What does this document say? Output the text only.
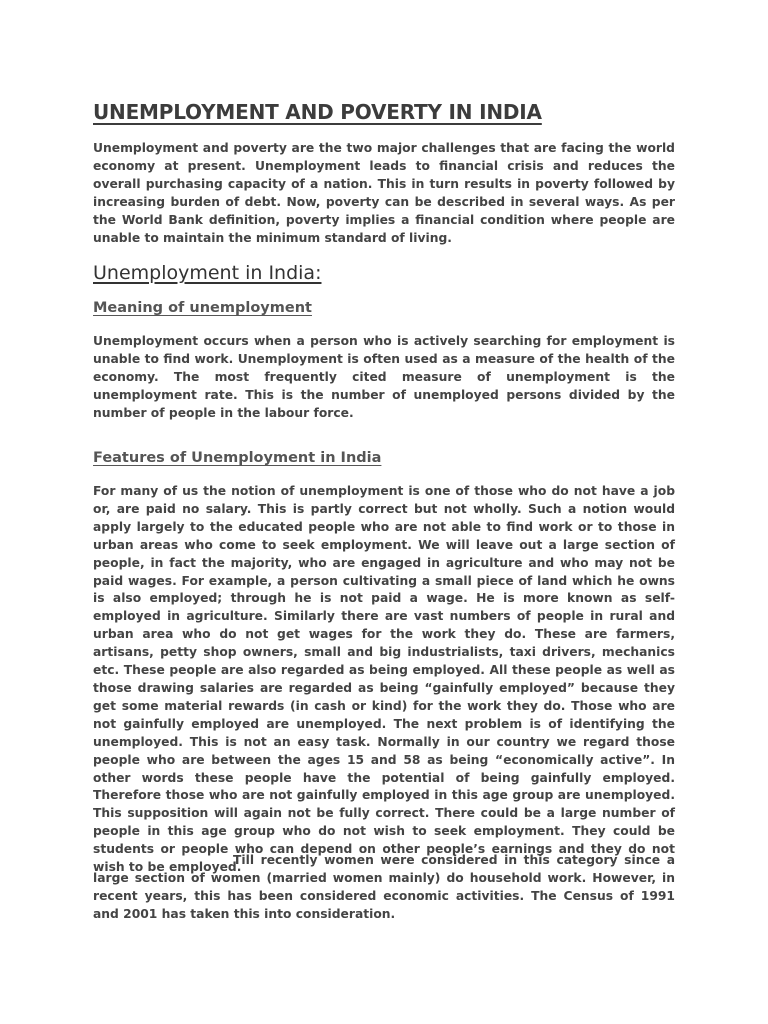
UNEMPLOYMENT AND POVERTY IN INDIA

Unemployment and poverty are the two major challenges that are facing the world economy at present. Unemployment leads to financial crisis and reduces the overall purchasing capacity of a nation. This in turn results in poverty followed by increasing burden of debt. Now, poverty can be described in several ways. As per the World Bank definition, poverty implies a financial condition where people are unable to maintain the minimum standard of living.

Unemployment in India:
Meaning of unemployment

Unemployment occurs when a person who is actively searching for employment is unable to find work. Unemployment is often used as a measure of the health of the economy. The most frequently cited measure of unemployment is the unemployment rate. This is the number of unemployed persons divided by the number of people in the labour force.

Features of Unemployment in India

For many of us the notion of unemployment is one of those who do not have a job or, are paid no salary. This is partly correct but not wholly. Such a notion would apply largely to the educated people who are not able to find work or to those in urban areas who come to seek employment. We will leave out a large section of people, in fact the majority, who are engaged in agriculture and who may not be paid wages. For example, a person cultivating a small piece of land which he owns is also employed; through he is not paid a wage. He is more known as self-employed in agriculture. Similarly there are vast numbers of people in rural and urban area who do not get wages for the work they do. These are farmers, artisans, petty shop owners, small and big industrialists, taxi drivers, mechanics etc. These people are also regarded as being employed. All these people as well as those drawing salaries are regarded as being “gainfully employed” because they get some material rewards (in cash or kind) for the work they do. Those who are not gainfully employed are unemployed. The next problem is of identifying the unemployed. This is not an easy task. Normally in our country we regard those people who are between the ages 15 and 58 as being “economically active”. In other words these people have the potential of being gainfully employed. Therefore those who are not gainfully employed in this age group are unemployed. This supposition will again not be fully correct. There could be a large number of people in this age group who do not wish to seek employment. They could be students or people who can depend on other people’s earnings and they do not wish to be employed.

Till recently women were considered in this category since a large section of women (married women mainly) do household work. However, in recent years, this has been considered economic activities. The Census of 1991 and 2001 has taken this into consideration.
